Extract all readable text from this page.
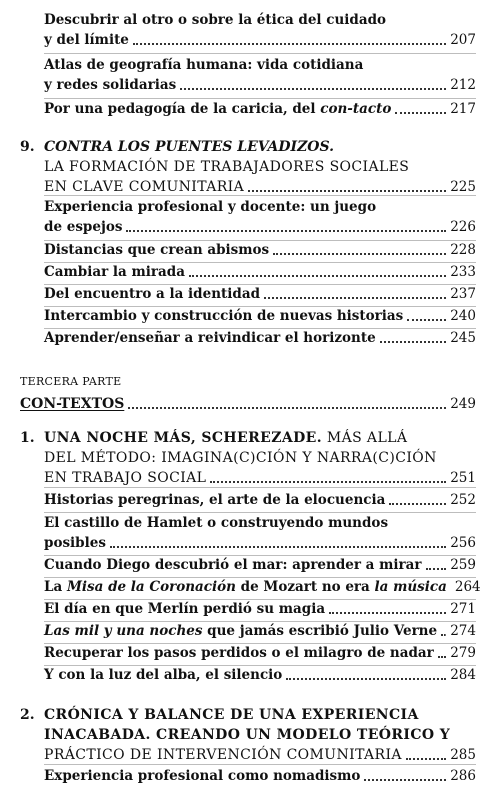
Descubrir al otro o sobre la ética del cuidado
y del límite	207
Atlas de geografía humana: vida cotidiana
y redes solidarias	212
Por una pedagogía de la caricia, del con-tacto	217
9. CONTRA LOS PUENTES LEVADIZOS.
LA FORMACIÓN DE TRABAJADORES SOCIALES
EN CLAVE COMUNITARIA	225
Experiencia profesional y docente: un juego
de espejos	226
Distancias que crean abismos	228
Cambiar la mirada	233
Del encuentro a la identidad	237
Intercambio y construcción de nuevas historias	240
Aprender/enseñar a reivindicar el horizonte	245
TERCERA PARTE
CON-TEXTOS	249
1. UNA NOCHE MÁS, SCHEREZADE. MÁS ALLÁ
DEL MÉTODO: IMAGINA(C)CIÓN Y NARRA(C)CIÓN
EN TRABAJO SOCIAL	251
Historias peregrinas, el arte de la elocuencia	252
El castillo de Hamlet o construyendo mundos
posibles	256
Cuando Diego descubrió el mar: aprender a mirar 259
La Misa de la Coronación de Mozart no era la música 264
El día en que Merlín perdió su magia	271
Las mil y una noches que jamás escribió Julio Verne 274
Recuperar los pasos perdidos o el milagro de nadar 279
Y con la luz del alba, el silencio	284
2. CRÓNICA Y BALANCE DE UNA EXPERIENCIA
INACABADA. CREANDO UN MODELO TEÓRICO Y
PRÁCTICO DE INTERVENCIÓN COMUNITARIA	285
Experiencia profesional como nomadismo	286
